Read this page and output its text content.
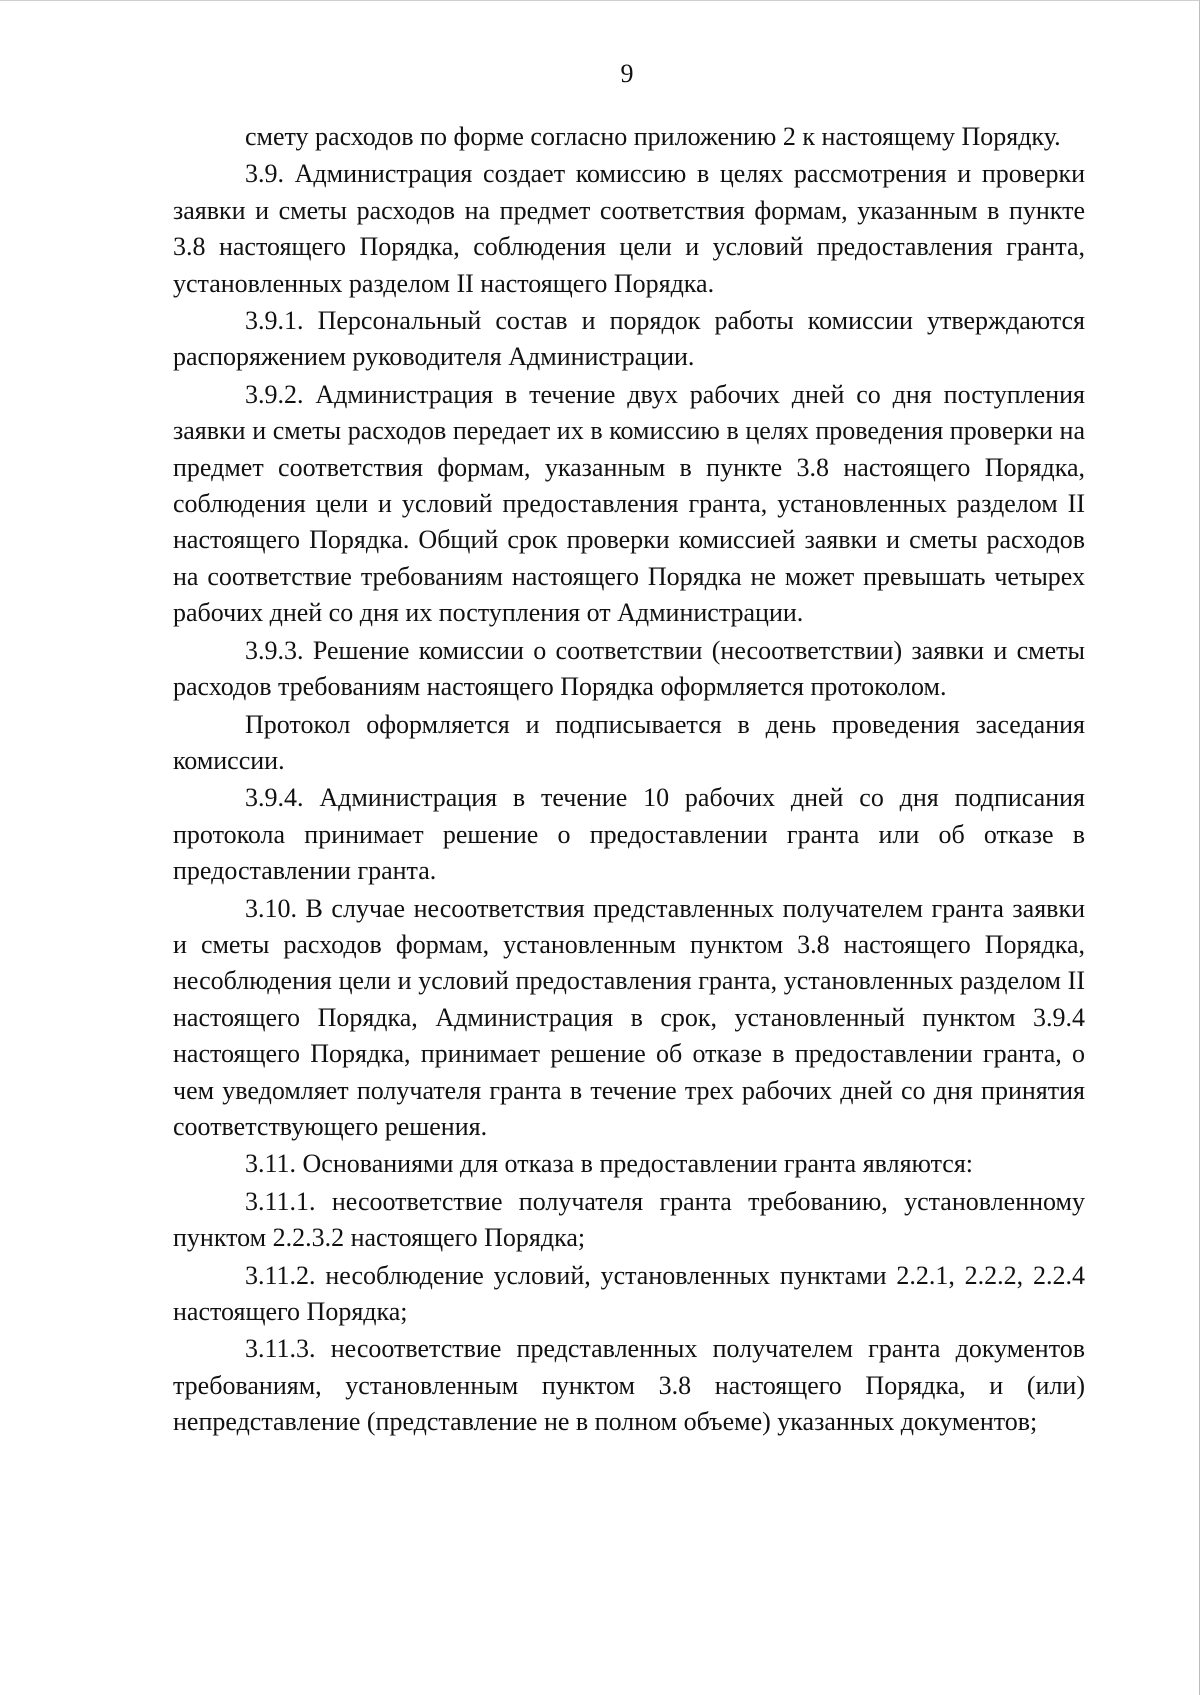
9

смету расходов по форме согласно приложению 2 к настоящему Порядку.

3.9. Администрация создает комиссию в целях рассмотрения и проверки заявки и сметы расходов на предмет соответствия формам, указанным в пункте 3.8 настоящего Порядка, соблюдения цели и условий предоставления гранта, установленных разделом II настоящего Порядка.

3.9.1. Персональный состав и порядок работы комиссии утверждаются распоряжением руководителя Администрации.

3.9.2. Администрация в течение двух рабочих дней со дня поступления заявки и сметы расходов передает их в комиссию в целях проведения проверки на предмет соответствия формам, указанным в пункте 3.8 настоящего Порядка, соблюдения цели и условий предоставления гранта, установленных разделом II настоящего Порядка. Общий срок проверки комиссией заявки и сметы расходов на соответствие требованиям настоящего Порядка не может превышать четырех рабочих дней со дня их поступления от Администрации.

3.9.3. Решение комиссии о соответствии (несоответствии) заявки и сметы расходов требованиям настоящего Порядка оформляется протоколом.

Протокол оформляется и подписывается в день проведения заседания комиссии.

3.9.4. Администрация в течение 10 рабочих дней со дня подписания протокола принимает решение о предоставлении гранта или об отказе в предоставлении гранта.

3.10. В случае несоответствия представленных получателем гранта заявки и сметы расходов формам, установленным пунктом 3.8 настоящего Порядка, несоблюдения цели и условий предоставления гранта, установленных разделом II настоящего Порядка, Администрация в срок, установленный пунктом 3.9.4 настоящего Порядка, принимает решение об отказе в предоставлении гранта, о чем уведомляет получателя гранта в течение трех рабочих дней со дня принятия соответствующего решения.

3.11. Основаниями для отказа в предоставлении гранта являются:

3.11.1. несоответствие получателя гранта требованию, установленному пунктом 2.2.3.2 настоящего Порядка;

3.11.2. несоблюдение условий, установленных пунктами 2.2.1, 2.2.2, 2.2.4 настоящего Порядка;

3.11.3. несоответствие представленных получателем гранта документов требованиям, установленным пунктом 3.8 настоящего Порядка, и (или) непредставление (представление не в полном объеме) указанных документов;
